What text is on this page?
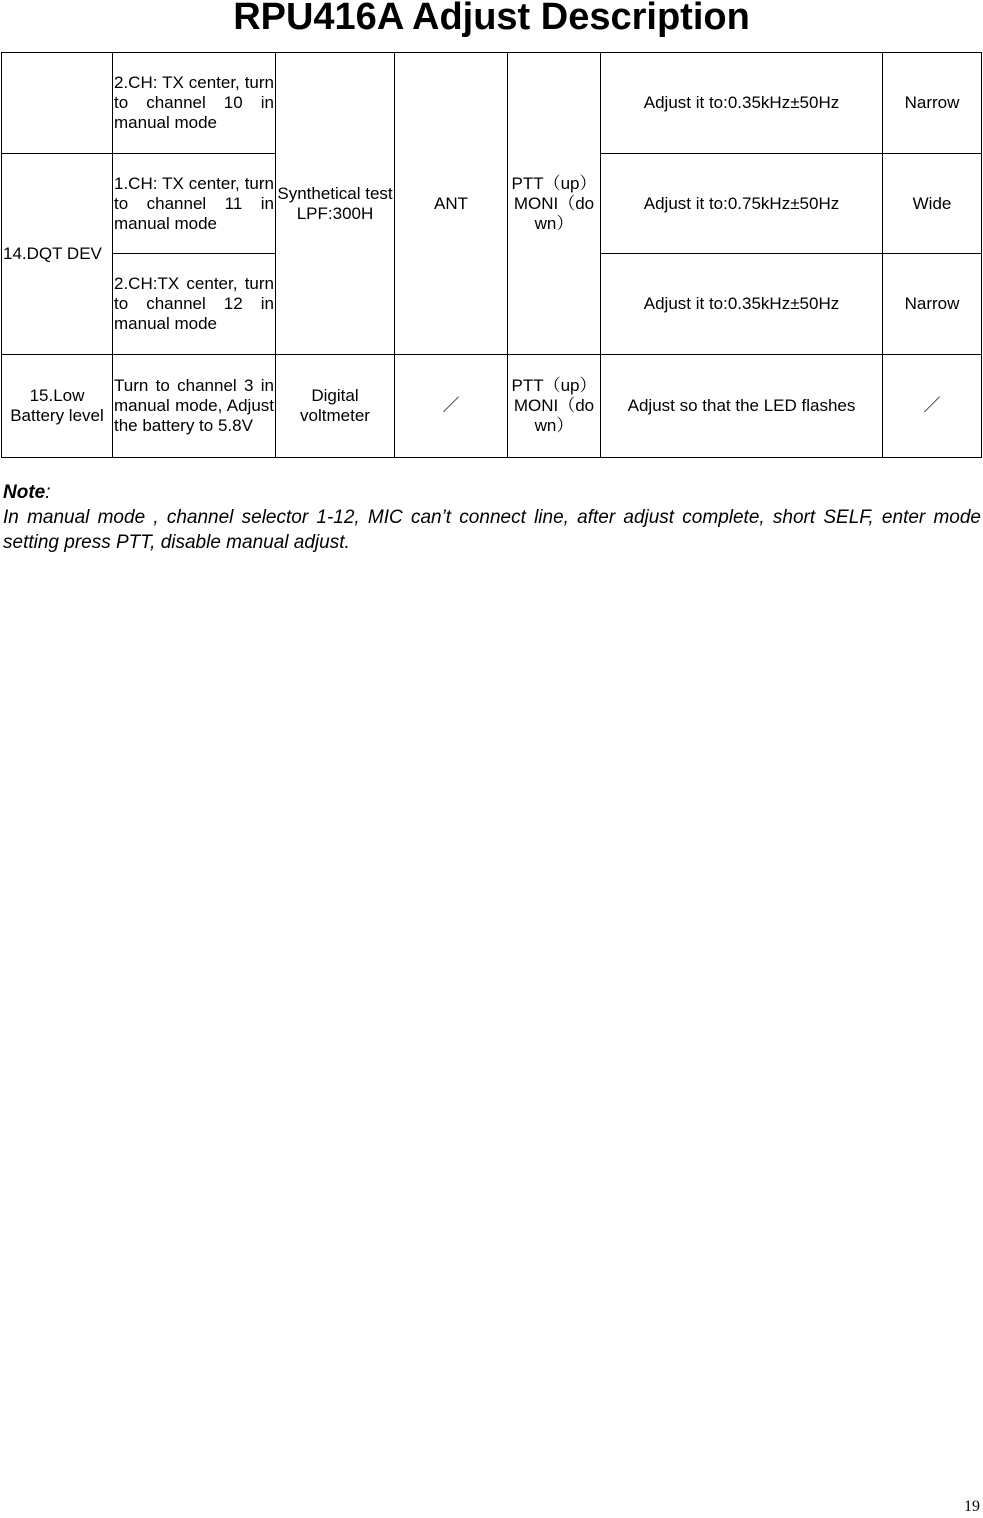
RPU416A Adjust Description
	2.CH: TX center, turn to channel 10 in manual mode	Synthetical test LPF:300H	ANT	PTT（up）MONI（down）	Adjust it to:0.35kHz±50Hz	Narrow
14.DQT DEV	1.CH: TX center, turn to channel 11 in manual mode				Adjust it to:0.75kHz±50Hz	Wide
	2.CH:TX center, turn to channel 12 in manual mode				Adjust it to:0.35kHz±50Hz	Narrow
15.Low Battery level	Turn to channel 3 in manual mode, Adjust the battery to 5.8V	Digital voltmeter	／	PTT（up）MONI（down）	Adjust so that the LED flashes	／
Note:
In manual mode , channel selector 1-12, MIC can’t connect line, after adjust complete, short SELF, enter mode setting press PTT, disable manual adjust.
19
